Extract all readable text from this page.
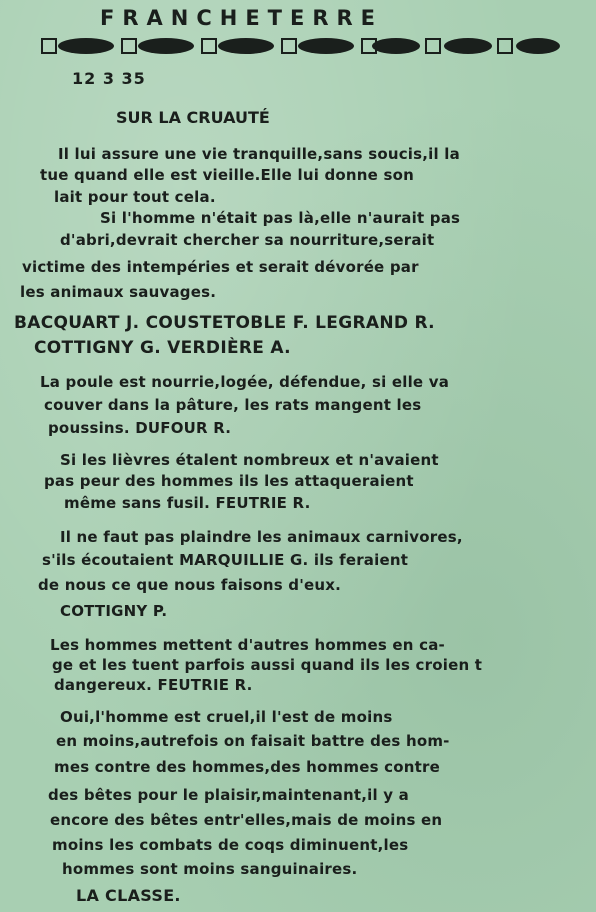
FRANCHETERRE
12 3 35
SUR LA CRUAUTÉ
Il lui assure une vie tranquille,sans soucis,il la
tue quand elle est vieille.Elle lui donne son
lait pour tout cela.
Si l'homme n'était pas là,elle n'aurait pas
d'abri,devrait chercher sa nourriture,serait
victime des intempéries et serait dévorée par
les animaux sauvages.
BACQUART J. COUSTETOBLE F. LEGRAND R.
COTTIGNY G. VERDIÈRE A.
La poule est nourrie,logée, défendue, si elle va
couver dans la pâture, les rats mangent les
poussins. DUFOUR R.
Si les lièvres étalent nombreux et n'avaient
pas peur des hommes ils les attaqueraient
même sans fusil. FEUTRIE R.
Il ne faut pas plaindre les animaux carnivores,
s'ils écoutaient MARQUILLIE G. ils feraient
de nous ce que nous faisons d'eux.
COTTIGNY P.
Les hommes mettent d'autres hommes en ca-
ge et les tuent parfois aussi quand ils les croien t
dangereux. FEUTRIE R.
Oui,l'homme est cruel,il l'est de moins
en moins,autrefois on faisait battre des hom-
mes contre des hommes,des hommes contre
des bêtes pour le plaisir,maintenant,il y a
encore des bêtes entr'elles,mais de moins en
moins les combats de coqs diminuent,les
hommes sont moins sanguinaires.
LA CLASSE.
